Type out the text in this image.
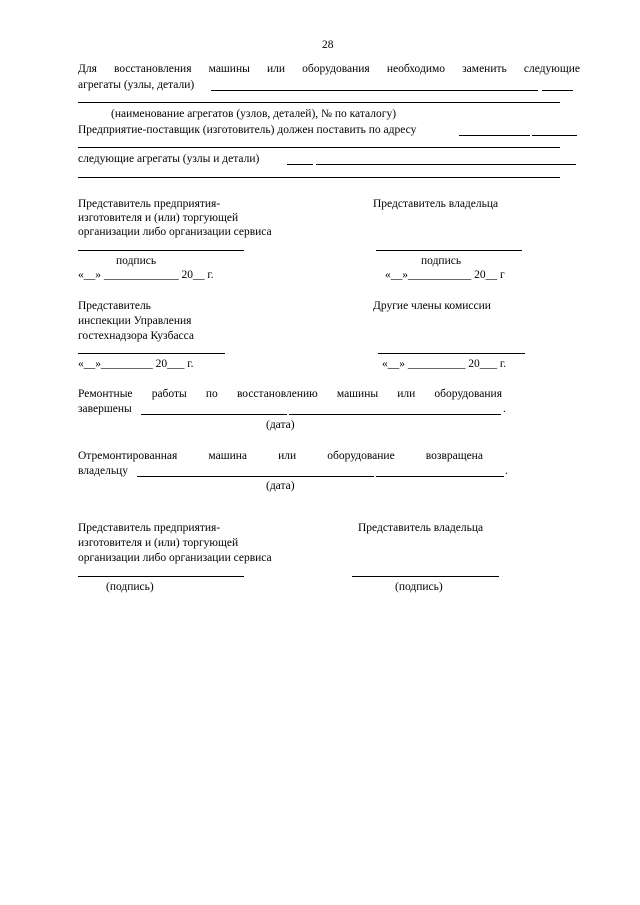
28
Для восстановления машины или оборудования необходимо заменить следующие
агрегаты (узлы, детали)
(наименование агрегатов (узлов, деталей), № по каталогу)
Предприятие-поставщик (изготовитель) должен поставить по адресу
следующие агрегаты (узлы и детали)
Представитель предприятия-
изготовителя и (или) торгующей
организации либо организации сервиса
Представитель владельца
подпись	подпись
«__» _____________ 20__ г.	«__»___________ 20__ г
Представитель
инспекции Управления
гостехнадзора Кузбасса
Другие члены комиссии
«__»_________ 20___ г.	«__» __________ 20___ г.
Ремонтные работы по восстановлению машины или оборудования
завершены	.
(дата)
Отремонтированная	машина	или	оборудование	возвращена
владельцу	.
(дата)
Представитель предприятия-
изготовителя и (или) торгующей
организации либо организации сервиса
Представитель владельца
(подпись)	(подпись)
